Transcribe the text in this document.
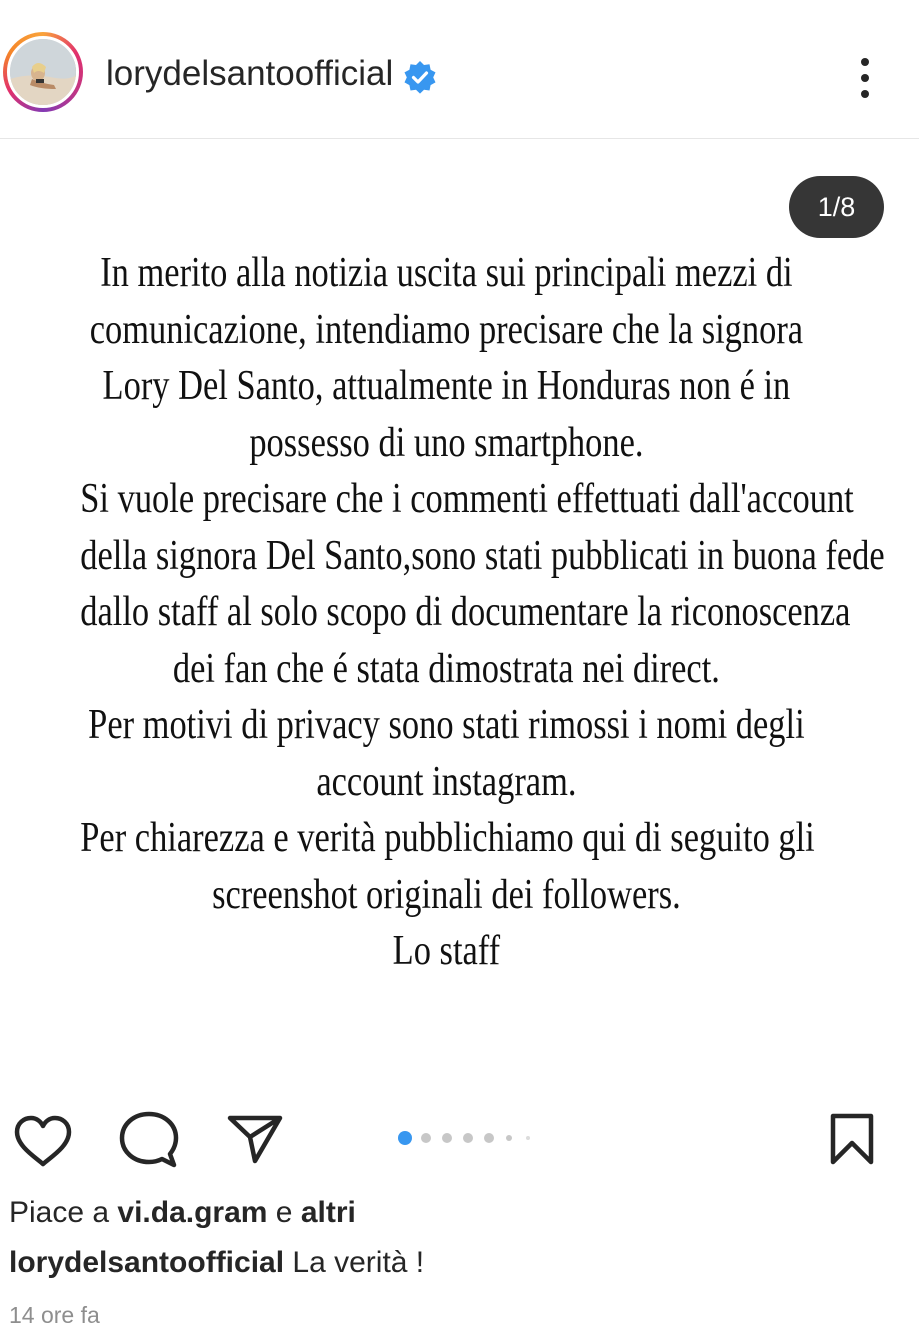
lorydelsantoofficial
1/8
In merito alla notizia uscita sui principali mezzi di
comunicazione, intendiamo precisare che la signora
Lory Del Santo, attualmente in Honduras non é in
possesso di uno smartphone.
Si vuole precisare che i commenti effettuati dall'account
della signora Del Santo,sono stati pubblicati in buona fede
dallo staff al solo scopo di documentare la riconoscenza
dei fan che é stata dimostrata nei direct.
Per motivi di privacy sono stati rimossi i nomi degli
account instagram.
Per chiarezza e verità pubblichiamo qui di seguito gli
screenshot originali dei followers.
Lo staff
Piace a vi.da.gram e altri
lorydelsantoofficial La verità !
14 ore fa
